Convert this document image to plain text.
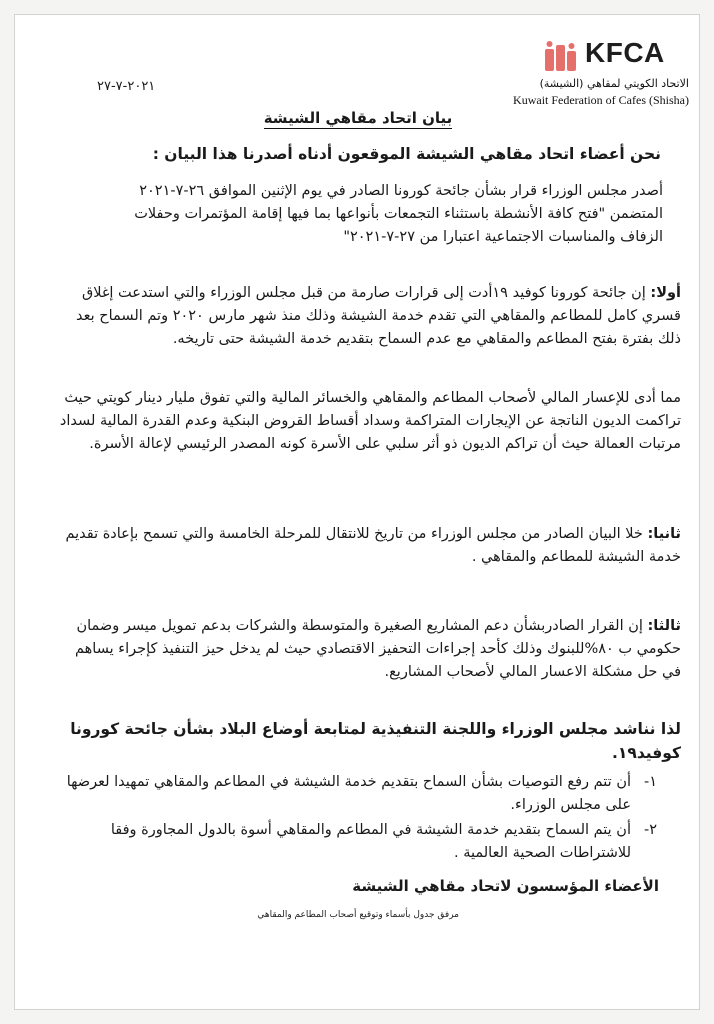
KFCA
الاتحاد الكويتي لمقاهي (الشيشة)
Kuwait Federation of Cafes (Shisha)
٢٠٢١-٧-٢٧
بيان اتحاد مقاهي الشيشة
نحن أعضاء اتحاد مقاهي الشيشة الموقعون أدناه أصدرنا هذا البيان :
أصدر مجلس الوزراء قرار بشأن جائحة كورونا الصادر في يوم الإثنين الموافق ٢٦-٧-٢٠٢١ المتضمن "فتح كافة الأنشطة باستثناء التجمعات بأنواعها بما فيها إقامة المؤتمرات وحفلات الزفاف والمناسبات الاجتماعية اعتبارا من ٢٧-٧-٢٠٢١"
أولا: إن جائحة كورونا كوفيد ١٩أدت إلى قرارات صارمة من قبل مجلس الوزراء والتي استدعت إغلاق قسري كامل للمطاعم والمقاهي التي تقدم خدمة الشيشة وذلك منذ شهر مارس ٢٠٢٠ وتم السماح بعد ذلك بفترة بفتح المطاعم والمقاهي مع عدم السماح بتقديم خدمة الشيشة حتى تاريخه.
مما أدى للإعسار المالي لأصحاب المطاعم والمقاهي والخسائر المالية والتي تفوق مليار دينار كويتي حيث تراكمت الديون الناتجة عن الإيجارات المتراكمة وسداد أقساط القروض البنكية وعدم القدرة المالية لسداد مرتبات العمالة حيث أن تراكم الديون ذو أثر سلبي على الأسرة كونه المصدر الرئيسي لإعالة الأسرة.
ثانيا: خلا البيان الصادر من مجلس الوزراء من تاريخ للانتقال للمرحلة الخامسة والتي تسمح بإعادة تقديم خدمة الشيشة للمطاعم والمقاهي .
ثالثا: إن القرار الصادربشأن دعم المشاريع الصغيرة والمتوسطة والشركات بدعم تمويل ميسر وضمان حكومي ب ٨٠%للبنوك وذلك كأحد إجراءات التحفيز الاقتصادي حيث لم يدخل حيز التنفيذ كإجراء يساهم في حل مشكلة الاعسار المالي لأصحاب المشاريع.
لذا نناشد مجلس الوزراء واللجنة التنفيذية لمتابعة أوضاع البلاد بشأن جائحة كورونا كوفيد١٩.
١-
أن تتم رفع التوصيات بشأن السماح بتقديم خدمة الشيشة في المطاعم والمقاهي تمهيدا لعرضها على مجلس الوزراء.
٢-
أن يتم السماح بتقديم خدمة الشيشة في المطاعم والمقاهي أسوة بالدول المجاورة وفقا للاشتراطات الصحية العالمية .
الأعضاء المؤسسون لاتحاد مقاهي الشيشة
مرفق جدول بأسماء وتوقيع أصحاب المطاعم والمقاهي
